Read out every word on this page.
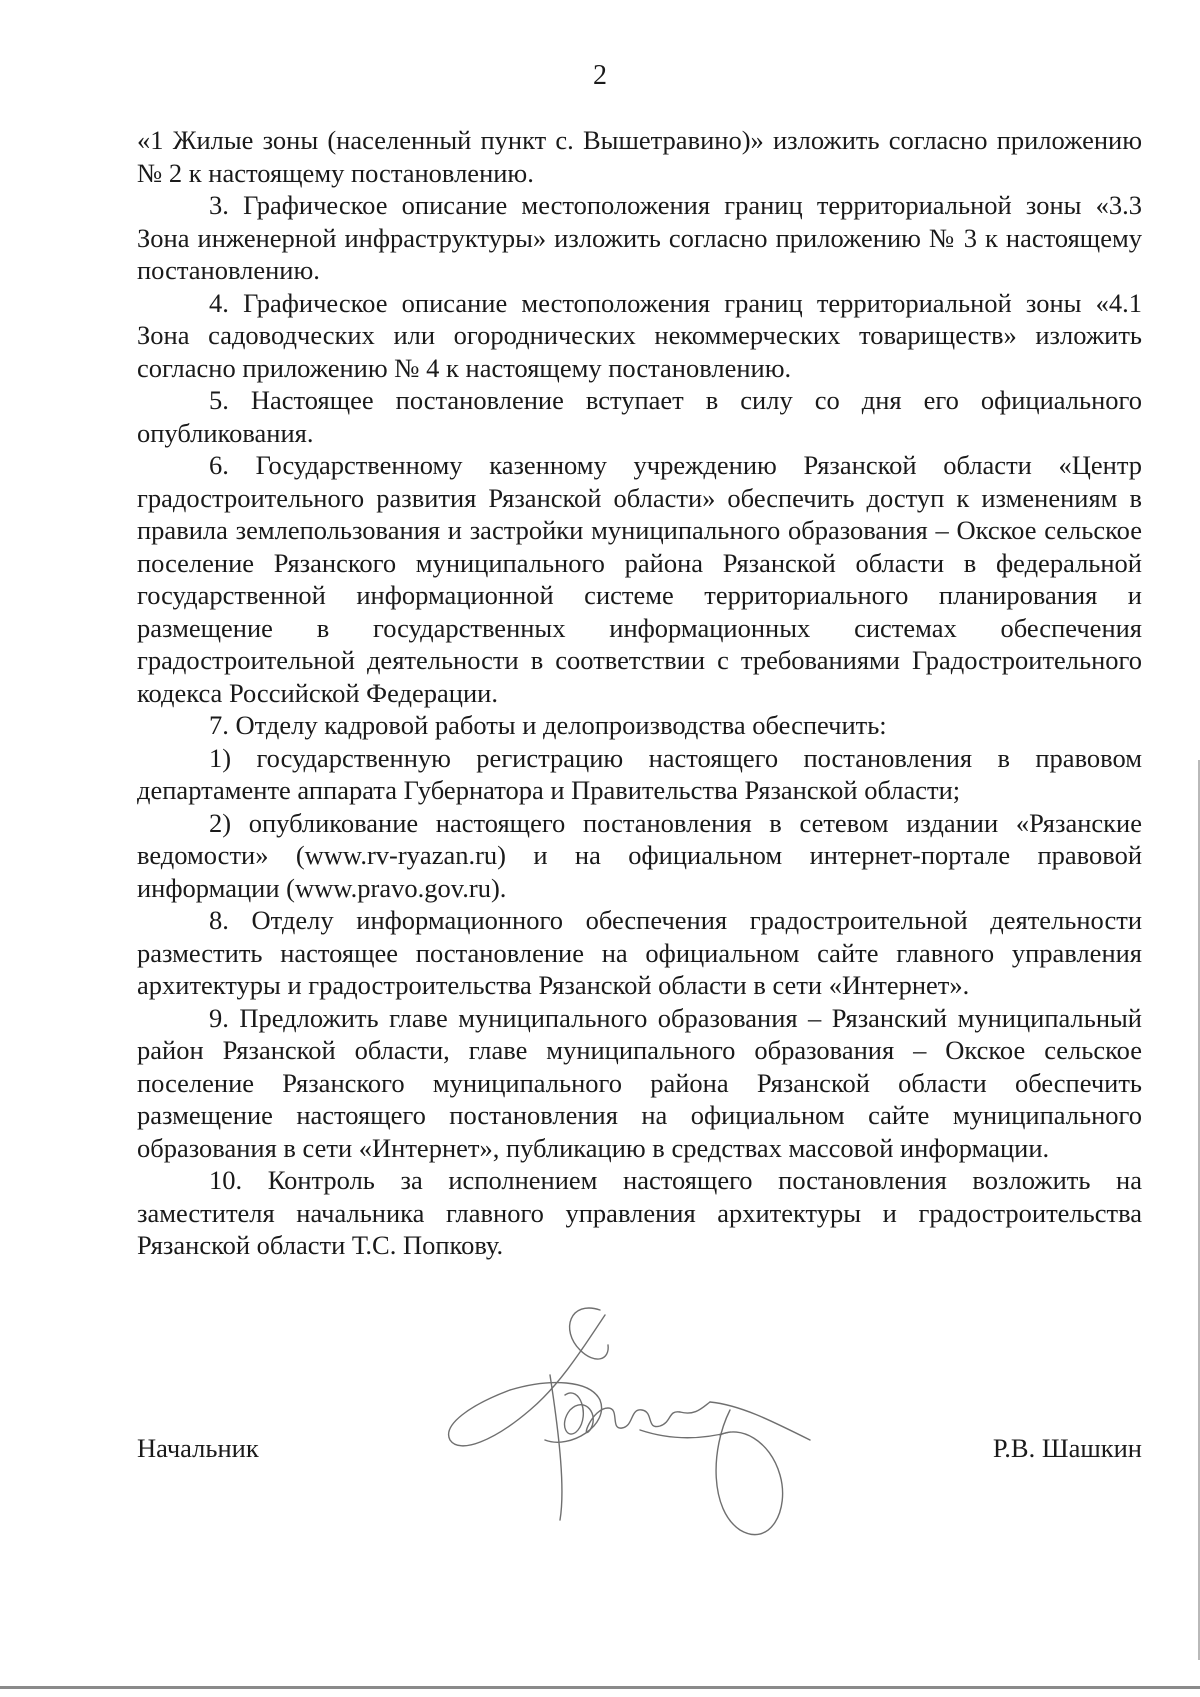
2

«1 Жилые зоны (населенный пункт с. Вышетравино)» изложить согласно приложению № 2 к настоящему постановлению.

3. Графическое описание местоположения границ территориальной зоны «3.3 Зона инженерной инфраструктуры» изложить согласно приложению № 3 к настоящему постановлению.

4. Графическое описание местоположения границ территориальной зоны «4.1 Зона садоводческих или огороднических некоммерческих товариществ» изложить согласно приложению № 4 к настоящему постановлению.

5. Настоящее постановление вступает в силу со дня его официального опубликования.

6. Государственному казенному учреждению Рязанской области «Центр градостроительного развития Рязанской области» обеспечить доступ к изменениям в правила землепользования и застройки муниципального образования – Окское сельское поселение Рязанского муниципального района Рязанской области в федеральной государственной информационной системе территориального планирования и размещение в государственных информационных системах обеспечения градостроительной деятельности в соответствии с требованиями Градостроительного кодекса Российской Федерации.

7. Отделу кадровой работы и делопроизводства обеспечить:

1) государственную регистрацию настоящего постановления в правовом департаменте аппарата Губернатора и Правительства Рязанской области;

2) опубликование настоящего постановления в сетевом издании «Рязанские ведомости» (www.rv-ryazan.ru) и на официальном интернет-портале правовой информации (www.pravo.gov.ru).

8. Отделу информационного обеспечения градостроительной деятельности разместить настоящее постановление на официальном сайте главного управления архитектуры и градостроительства Рязанской области в сети «Интернет».

9. Предложить главе муниципального образования – Рязанский муниципальный район Рязанской области, главе муниципального образования – Окское сельское поселение Рязанского муниципального района Рязанской области обеспечить размещение настоящего постановления на официальном сайте муниципального образования в сети «Интернет», публикацию в средствах массовой информации.

10. Контроль за исполнением настоящего постановления возложить на заместителя начальника главного управления архитектуры и градостроительства Рязанской области Т.С. Попкову.

Начальник	Р.В. Шашкин
